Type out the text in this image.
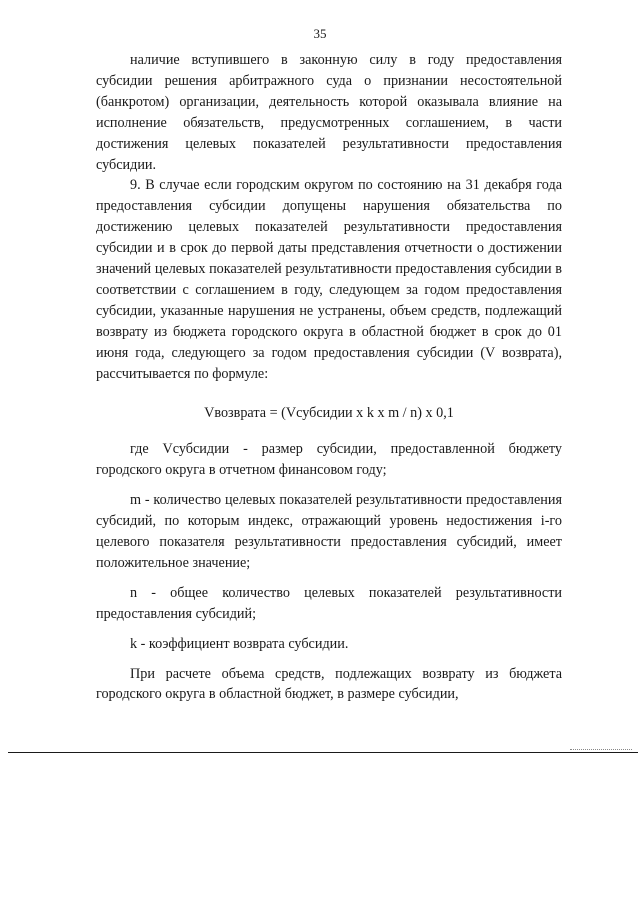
35

наличие вступившего в законную силу в году предоставления субсидии решения арбитражного суда о признании несостоятельной (банкротом) организации, деятельность которой оказывала влияние на исполнение обязательств, предусмотренных соглашением, в части достижения целевых показателей результативности предоставления субсидии.

9. В случае если городским округом по состоянию на 31 декабря года предоставления субсидии допущены нарушения обязательства по достижению целевых показателей результативности предоставления субсидии и в срок до первой даты представления отчетности о достижении значений целевых показателей результативности предоставления субсидии в соответствии с соглашением в году, следующем за годом предоставления субсидии, указанные нарушения не устранены, объем средств, подлежащий возврату из бюджета городского округа в областной бюджет в срок до 01 июня года, следующего за годом предоставления субсидии (V возврата), рассчитывается по формуле:

Vвозврата = (Vсубсидии x k x m / n) x 0,1

где Vсубсидии - размер субсидии, предоставленной бюджету городского округа в отчетном финансовом году;

m - количество целевых показателей результативности предоставления субсидий, по которым индекс, отражающий уровень недостижения i-го целевого показателя результативности предоставления субсидий, имеет положительное значение;

n - общее количество целевых показателей результативности предоставления субсидий;

k - коэффициент возврата субсидии.

При расчете объема средств, подлежащих возврату из бюджета городского округа в областной бюджет, в размере субсидии,
